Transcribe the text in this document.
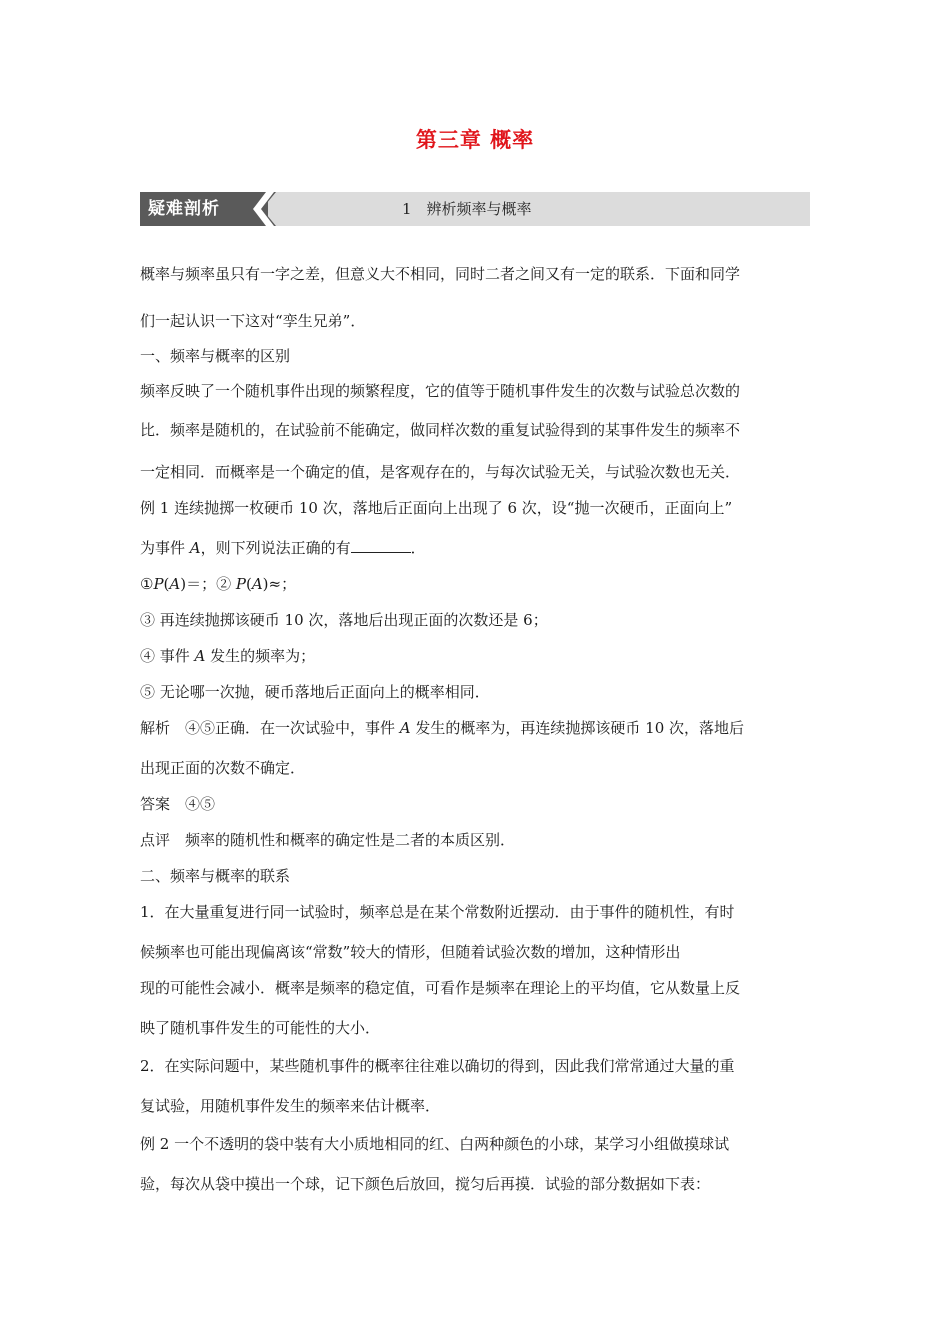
第三章 概率
疑难剖析	1　辨析频率与概率
概率与频率虽只有一字之差，但意义大不相同，同时二者之间又有一定的联系．下面和同学
们一起认识一下这对“孪生兄弟”．
一、频率与概率的区别
频率反映了一个随机事件出现的频繁程度，它的值等于随机事件发生的次数与试验总次数的
比．频率是随机的，在试验前不能确定，做同样次数的重复试验得到的某事件发生的频率不
一定相同．而概率是一个确定的值，是客观存在的，与每次试验无关，与试验次数也无关．
例 1 连续抛掷一枚硬币 10 次，落地后正面向上出现了 6 次，设“抛一次硬币，正面向上”
为事件 A，则下列说法正确的有	．
①P(A)＝；② P(A)≈；
③ 再连续抛掷该硬币 10 次，落地后出现正面的次数还是 6；
④ 事件 A 发生的频率为；
⑤ 无论哪一次抛，硬币落地后正面向上的概率相同．
解析　④⑤正确．在一次试验中，事件 A 发生的概率为，再连续抛掷该硬币 10 次，落地后
出现正面的次数不确定．
答案　④⑤
点评　频率的随机性和概率的确定性是二者的本质区别．
二、频率与概率的联系
1．在大量重复进行同一试验时，频率总是在某个常数附近摆动．由于事件的随机性，有时
候频率也可能出现偏离该“常数”较大的情形，但随着试验次数的增加，这种情形出
现的可能性会减小．概率是频率的稳定值，可看作是频率在理论上的平均值，它从数量上反
映了随机事件发生的可能性的大小．
2．在实际问题中，某些随机事件的概率往往难以确切的得到，因此我们常常通过大量的重
复试验，用随机事件发生的频率来估计概率．
例 2 一个不透明的袋中装有大小质地相同的红、白两种颜色的小球，某学习小组做摸球试
验，每次从袋中摸出一个球，记下颜色后放回，搅匀后再摸．试验的部分数据如下表：
